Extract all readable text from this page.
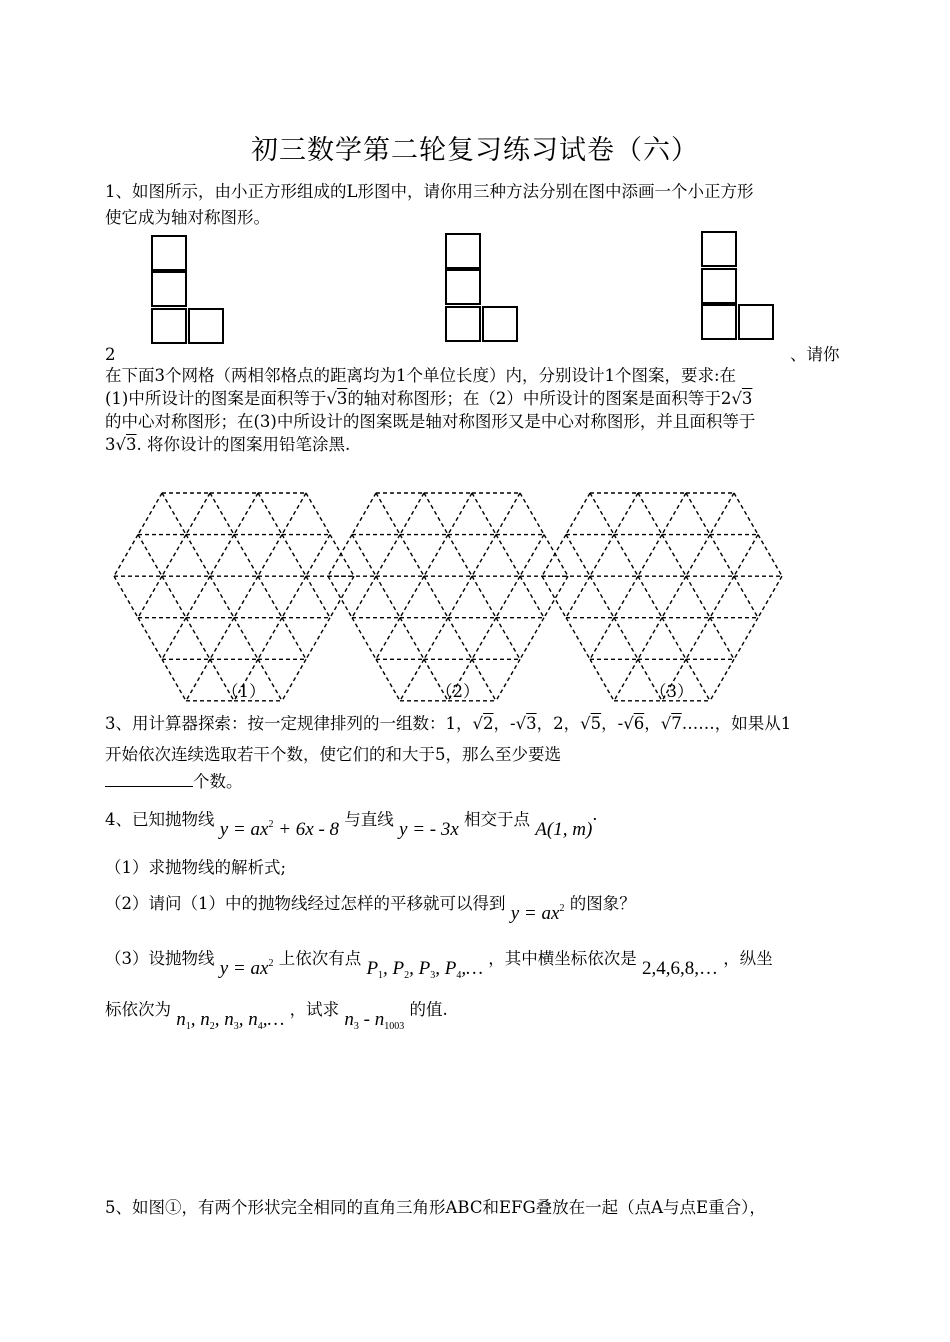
初三数学第二轮复习练习试卷（六）
1、如图所示，由小正方形组成的L形图中，请你用三种方法分别在图中添画一个小正方形
使它成为轴对称图形。
2	、请你
在下面3个网格（两相邻格点的距离均为1个单位长度）内，分别设计1个图案，要求:在
(1)中所设计的图案是面积等于√3的轴对称图形；在（2）中所设计的图案是面积等于2√3
的中心对称图形；在(3)中所设计的图案既是轴对称图形又是中心对称图形，并且面积等于
3√3. 将你设计的图案用铅笔涂黑.
（1）	（2）	（3）
3、用计算器探索：按一定规律排列的一组数：1，√2，-√3，2，√5，-√6，√7……，如果从1
开始依次连续选取若干个数，使它们的和大于5，那么至少要选
个数。
4、已知抛物线 $y = ax^2 + 6x - 8$ 与直线 y = - 3x 相交于点 A(1, m)·
（1）求抛物线的解析式;
（2）请问（1）中的抛物线经过怎样的平移就可以得到 $y = ax^2$ 的图象？
（3）设抛物线 $y = ax^2$ 上依次有点 $P_1$, $P_2$, $P_3$, $P_4,\dots$ ，其中横坐标依次是 2,4,6,8,… ，纵坐
标依次为 $n_1$, $n_2$, $n_3$, $n_4,\dots$ ，试求 $n_3 - n_{1003}$ 的值.
5、如图①，有两个形状完全相同的直角三角形ABC和EFG叠放在一起（点A与点E重合），
